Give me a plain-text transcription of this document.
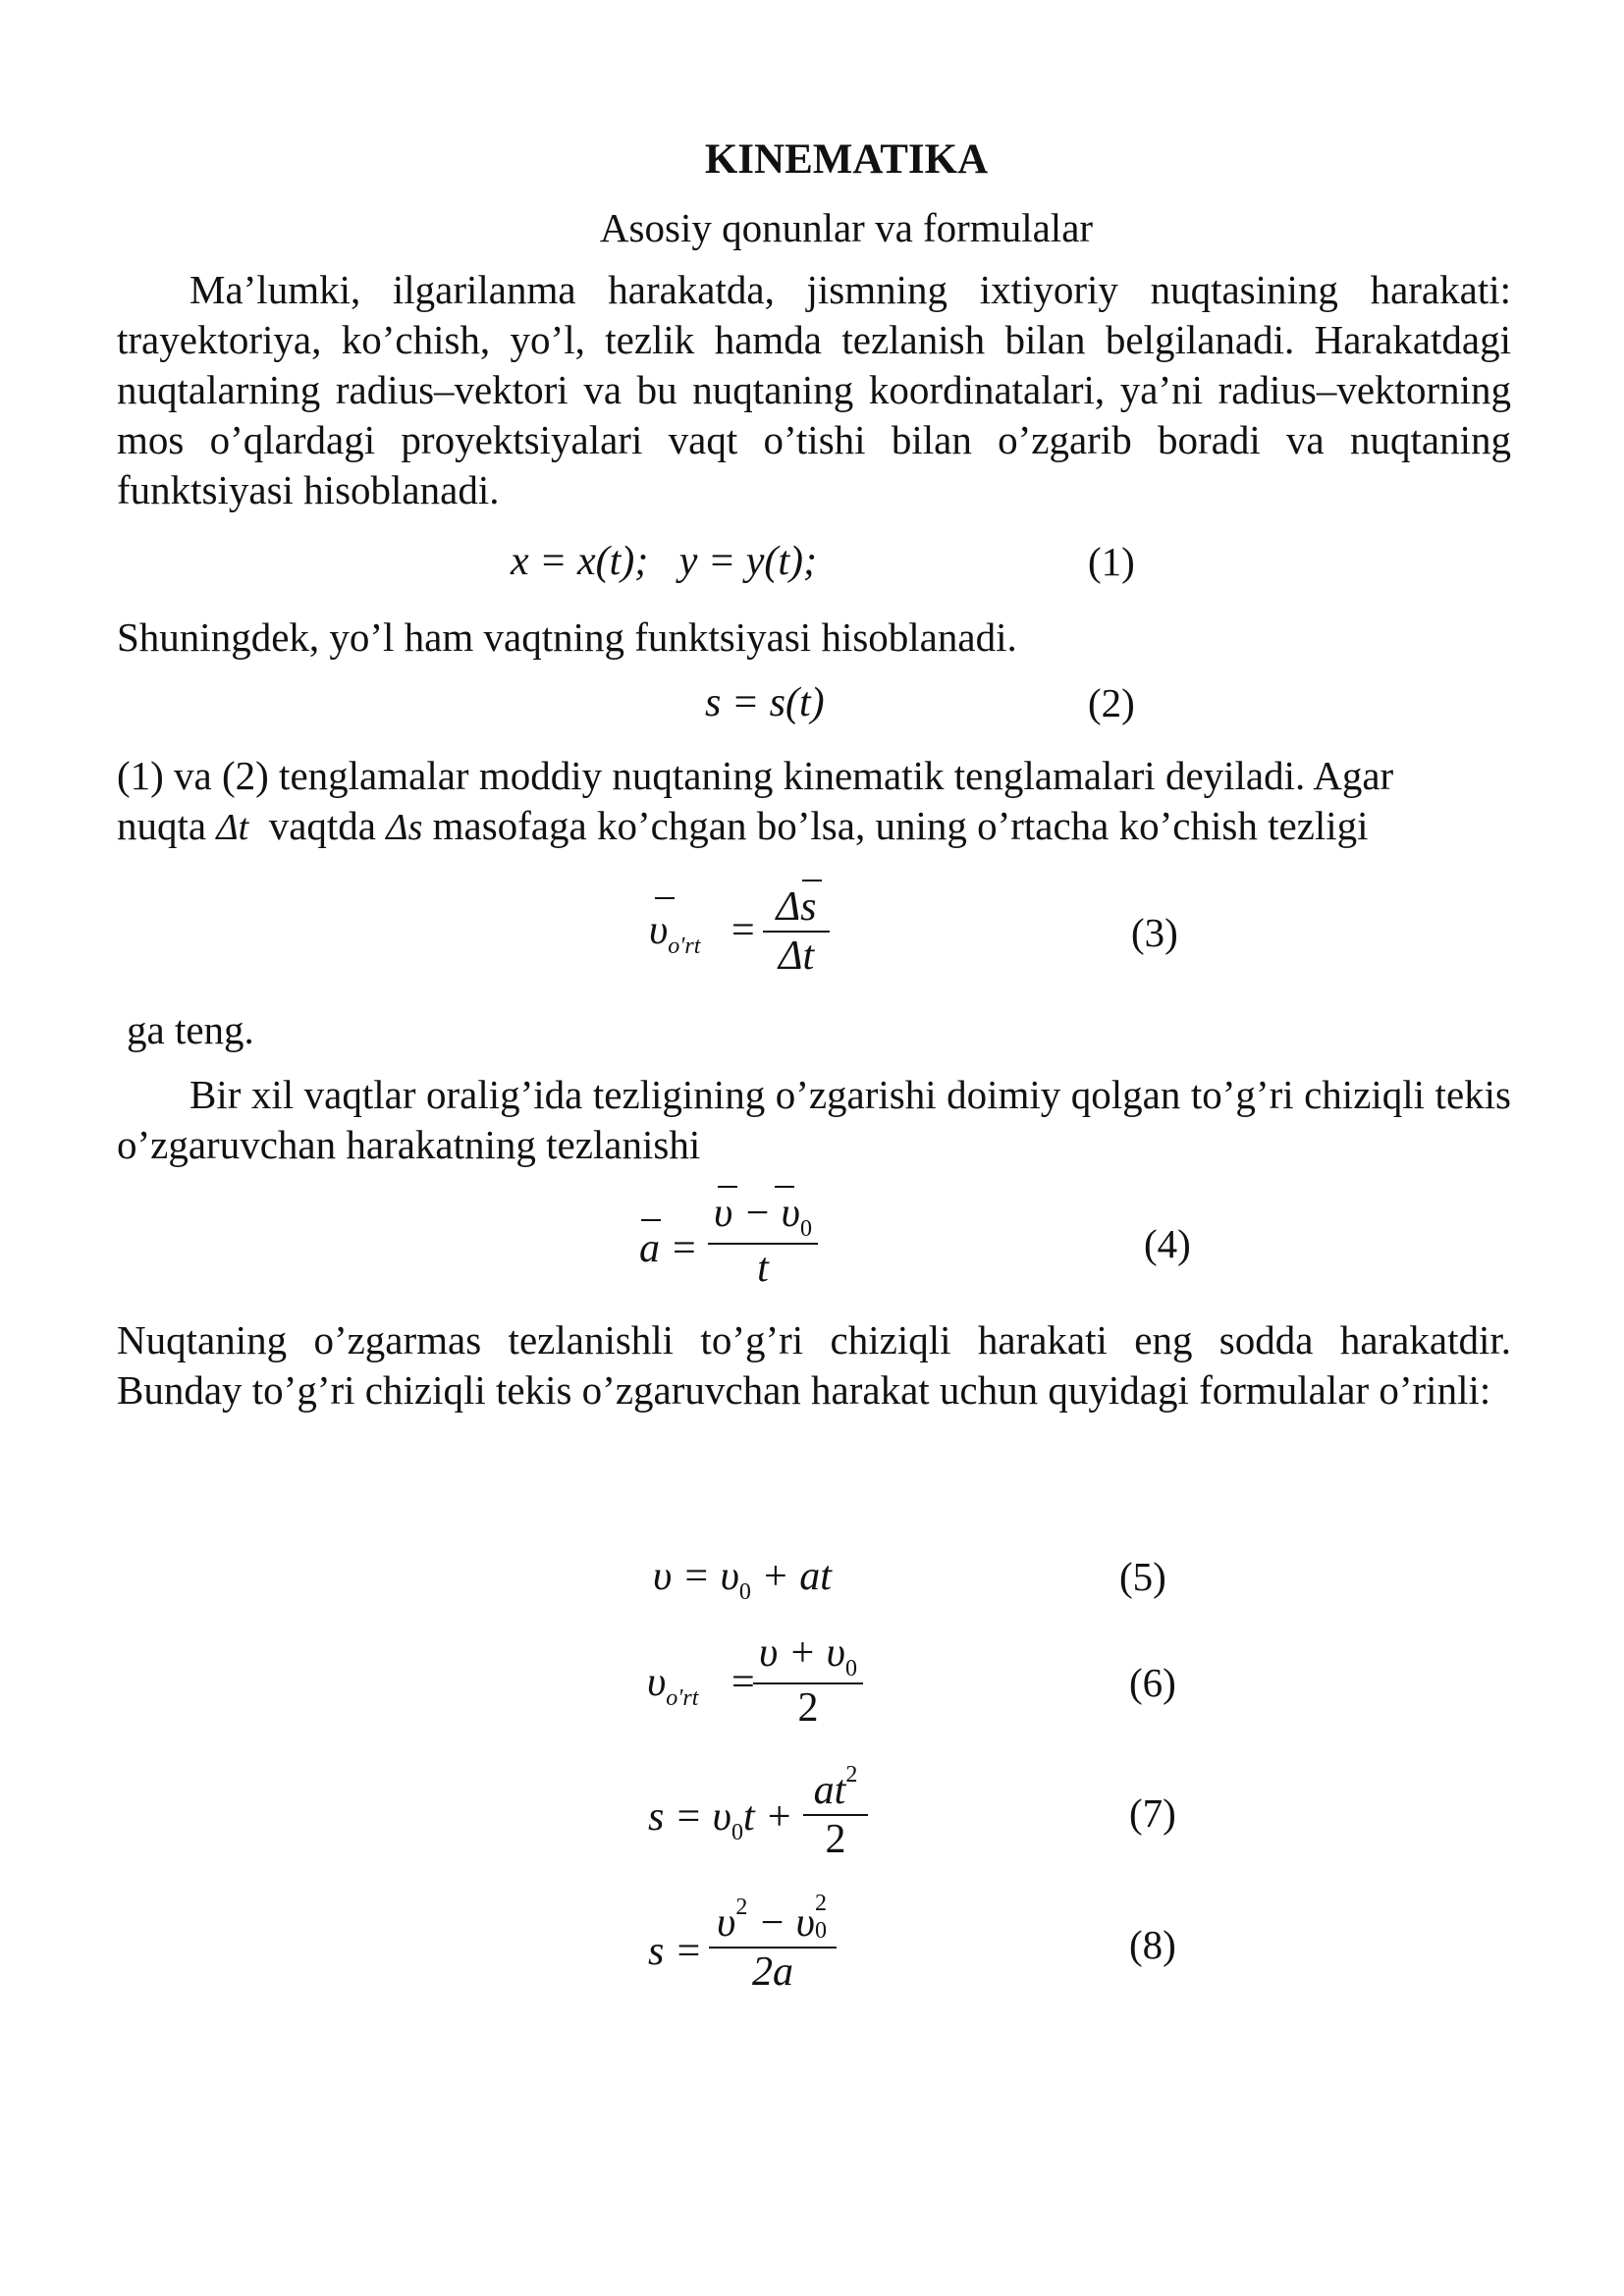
KINEMATIKA
Asosiy qonunlar va formulalar

Ma’lumki, ilgarilanma harakatda, jismning ixtiyoriy nuqtasining harakati: trayektoriya, ko’chish, yo’l, tezlik hamda tezlanish bilan belgilanadi. Harakatdagi nuqtalarning radius–vektori va bu nuqtaning koordinatalari, ya’ni radius–vektorning mos o’qlardagi proyektsiyalari vaqt o’tishi bilan o’zgarib boradi va nuqtaning funktsiyasi hisoblanadi.

x = x(t); y = y(t);	(1)
Shuningdek, yo’l ham vaqtning funktsiyasi hisoblanadi.
s = s(t)	(2)
(1) va (2) tenglamalar moddiy nuqtaning kinematik tenglamalari deyiladi. Agar
nuqta Δt vaqtda Δs masofaga ko’chgan bo’lsa, uning o’rtacha ko’chish tezligi
$\upsilon_{o'rt}$ =
Δs
Δt
(3)
ga teng.

Bir xil vaqtlar oralig’ida tezligining o’zgarishi doimiy qolgan to’g’ri chiziqli tekis o’zgaruvchan harakatning tezlanishi

a =
$\upsilon - \upsilon_0$
t
(4)

Nuqtaning o’zgarmas tezlanishli to’g’ri chiziqli harakati eng sodda harakatdir. Bunday to’g’ri chiziqli tekis o’zgaruvchan harakat uchun quyidagi formulalar o’rinli:

$\upsilon = \upsilon_0$ + at	(5)
$\upsilon_{o'rt}$ =
$\upsilon + \upsilon_0$
2
(6)
$s = \upsilon_0t$ +
$at^2$
2
(7)
s =
$\upsilon^2 - \upsilon$ 2
0
2a
(8)
